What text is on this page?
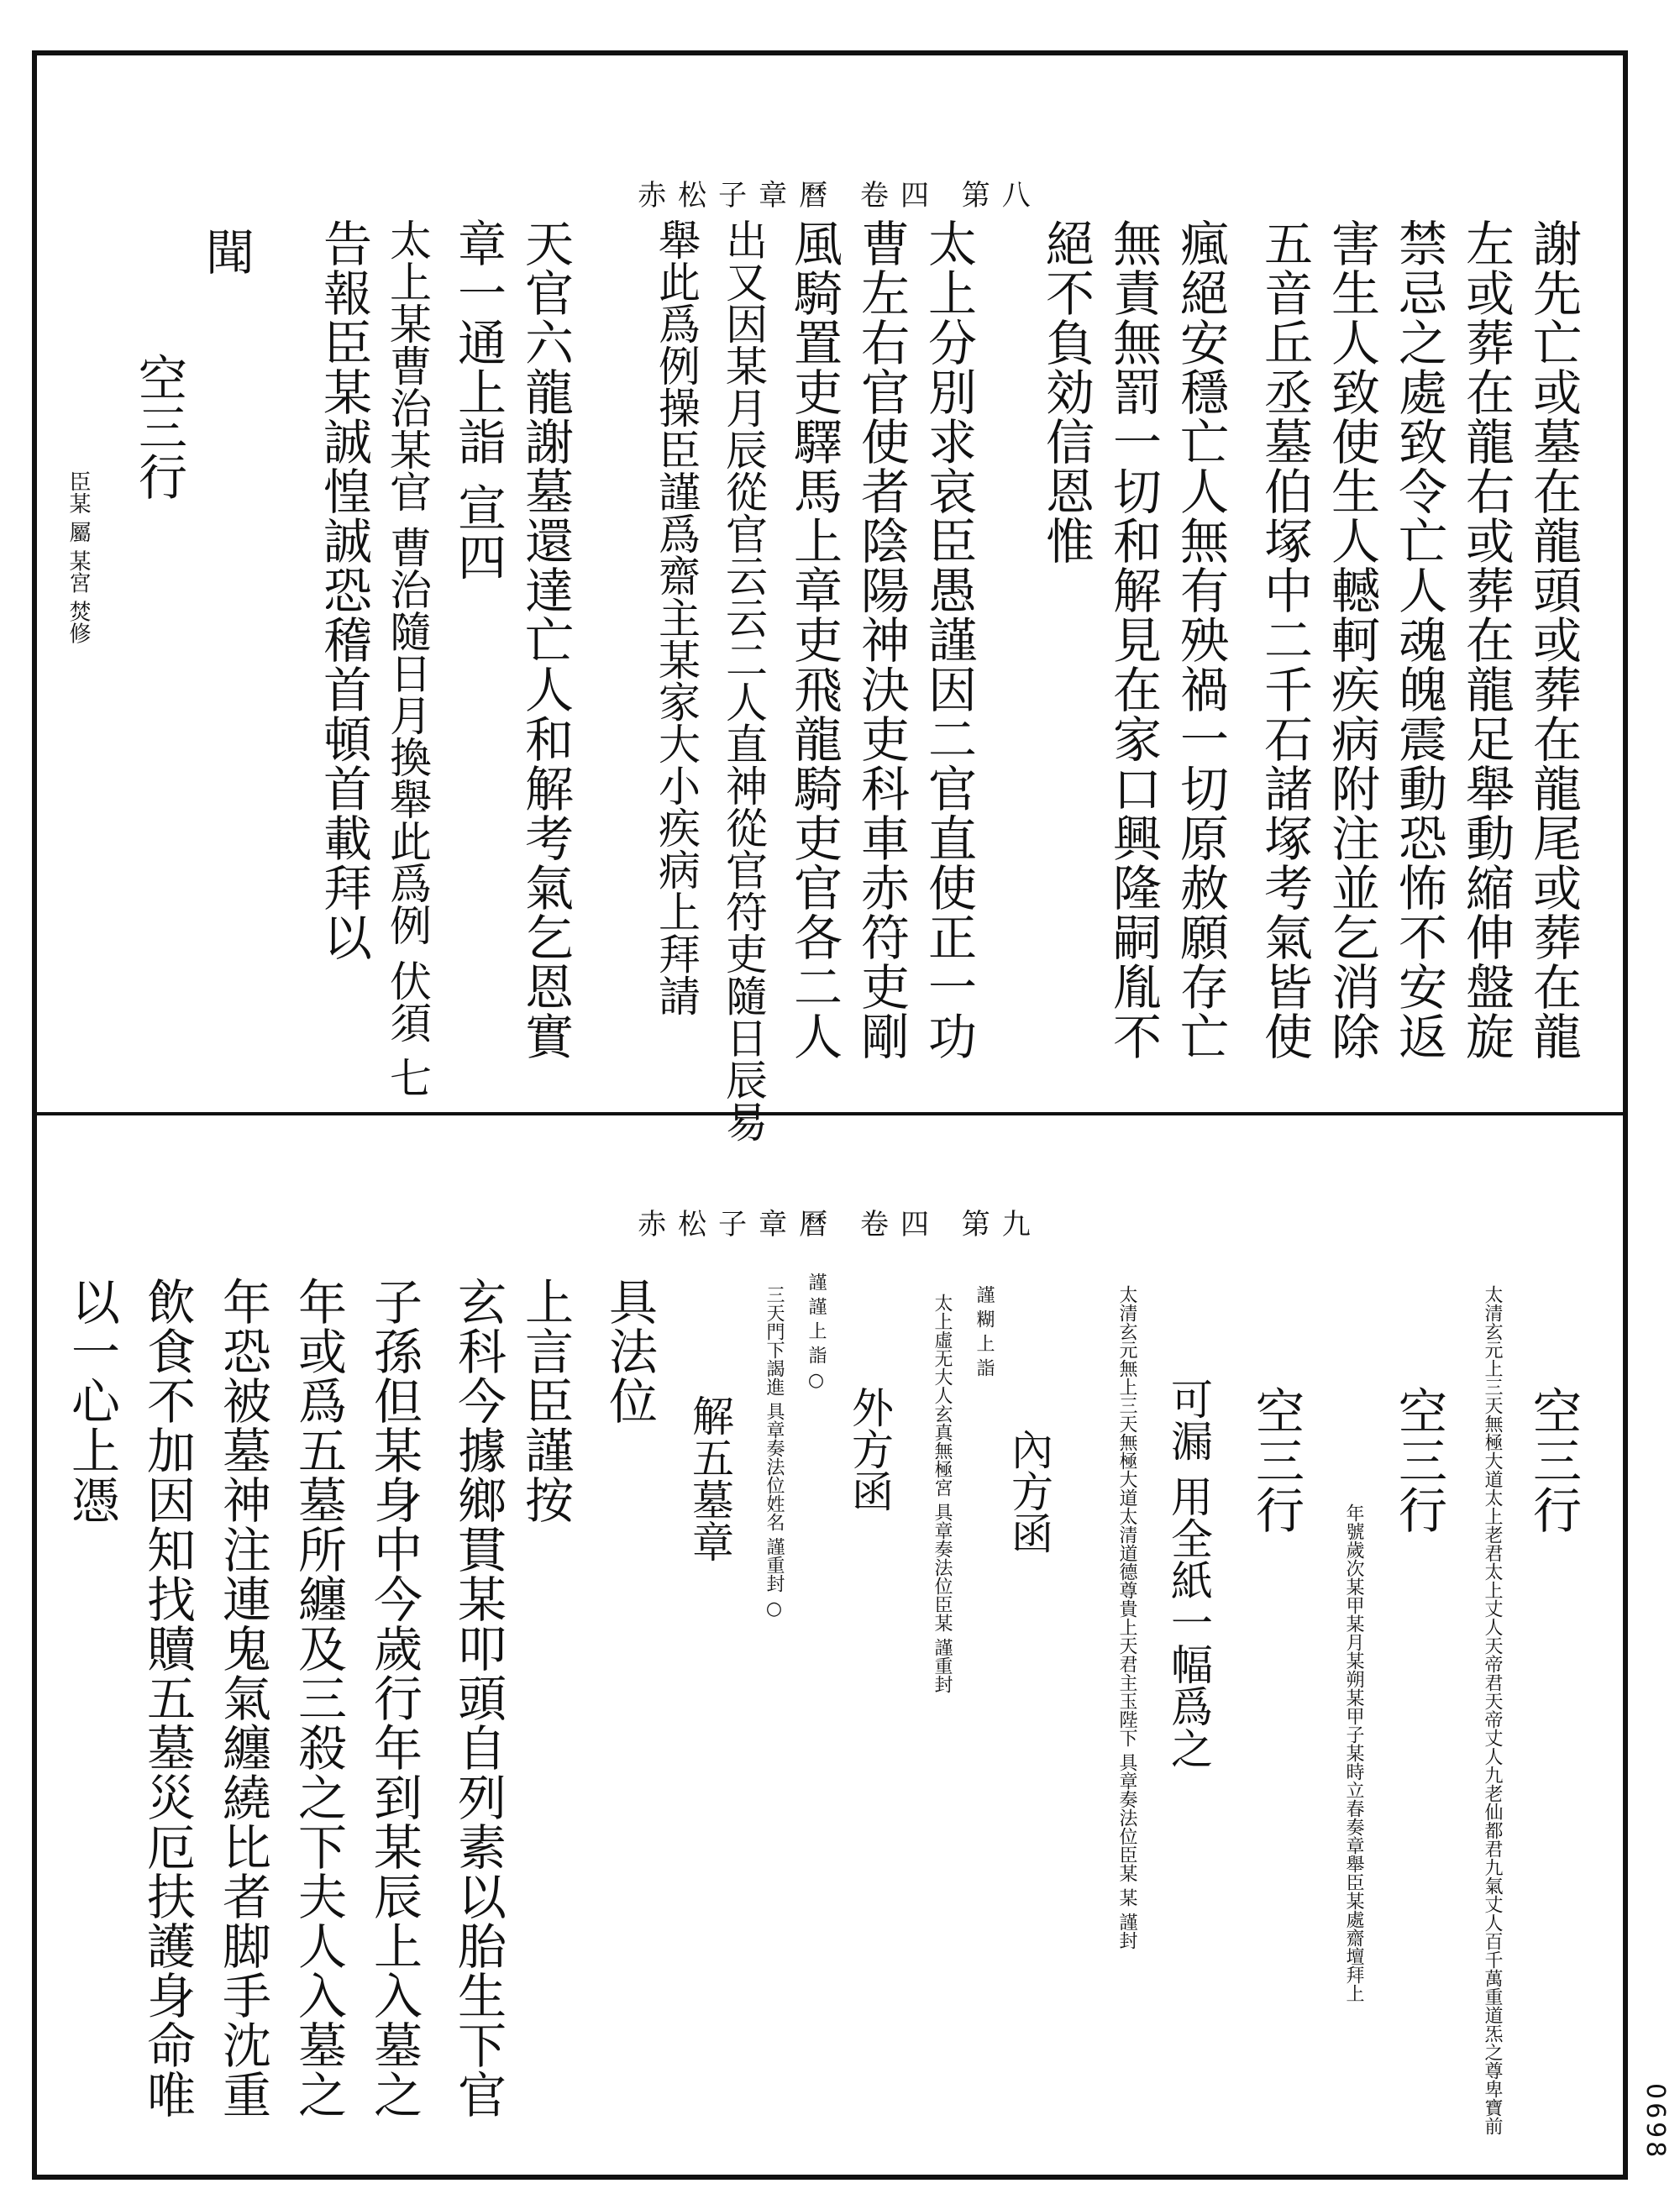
赤松子章曆 卷四 第八
赤松子章曆 卷四 第九
謝先亡或墓在龍頭或葬在龍尾或葬在龍
左或葬在龍右或葬在龍足舉動縮伸盤旋
禁忌之處致令亡人魂魄震動恐怖不安返
害生人致使生人轗軻疾病附注並乞消除
五音丘丞墓伯塚中二千石諸塚考氣皆使
瘋絕安穩亡人無有殃禍一切原赦願存亡
無責無罰一切和解見在家口興隆嗣胤不
絕不負効信恩惟
太上分別求哀臣愚謹因二官直使正一功
曹左右官使者陰陽神決吏科車赤符吏剛
風騎置吏驛馬上章吏飛龍騎吏官各二人
出又因某月辰從官云云二人直神從官符吏隨日辰易
舉此爲例操臣謹爲齋主某家大小疾病上拜請
天官六龍謝墓還達亡人和解考氣乞恩實
章一通上詣 宣四
太上某曹治某官 曹治隨日月換舉此爲例 伏須 七
告報臣某誠惶誠恐稽首頓首載拜以
聞
空三行
臣某 屬 某宮 焚修
空三行
太清玄元上三天無極大道太上老君太上丈人天帝君天帝丈人九老仙都君九氣丈人百千萬重道炁之尊卑寶前
空三行
年號歲次某甲某月某朔某甲子某時立春奏章舉臣某處齋壇拜上
空三行
太清玄元無上三天無極大道太清道德尊貴上天君主玉陛下 具章奏法位臣某 某 謹封 可漏 用全紙一幅爲之
謹 糊 上 詣
內方函
太上虛无大人玄真無極宮 具章奏法位臣某 謹重封
外方函
謹 謹 上 詣 ○
三天門下謁進 具章奏法位姓名 謹重封 ○
解五墓章
具法位
上言臣謹按
玄科今據鄉貫某叩頭自列素以胎生下官
子孫但某身中今歲行年到某辰上入墓之
年或爲五墓所纏及三殺之下夫人入墓之
年恐被墓神注連鬼氣纏繞比者脚手沈重
飲食不加因知找贖五墓災厄扶護身命唯
以一心上憑
0698
